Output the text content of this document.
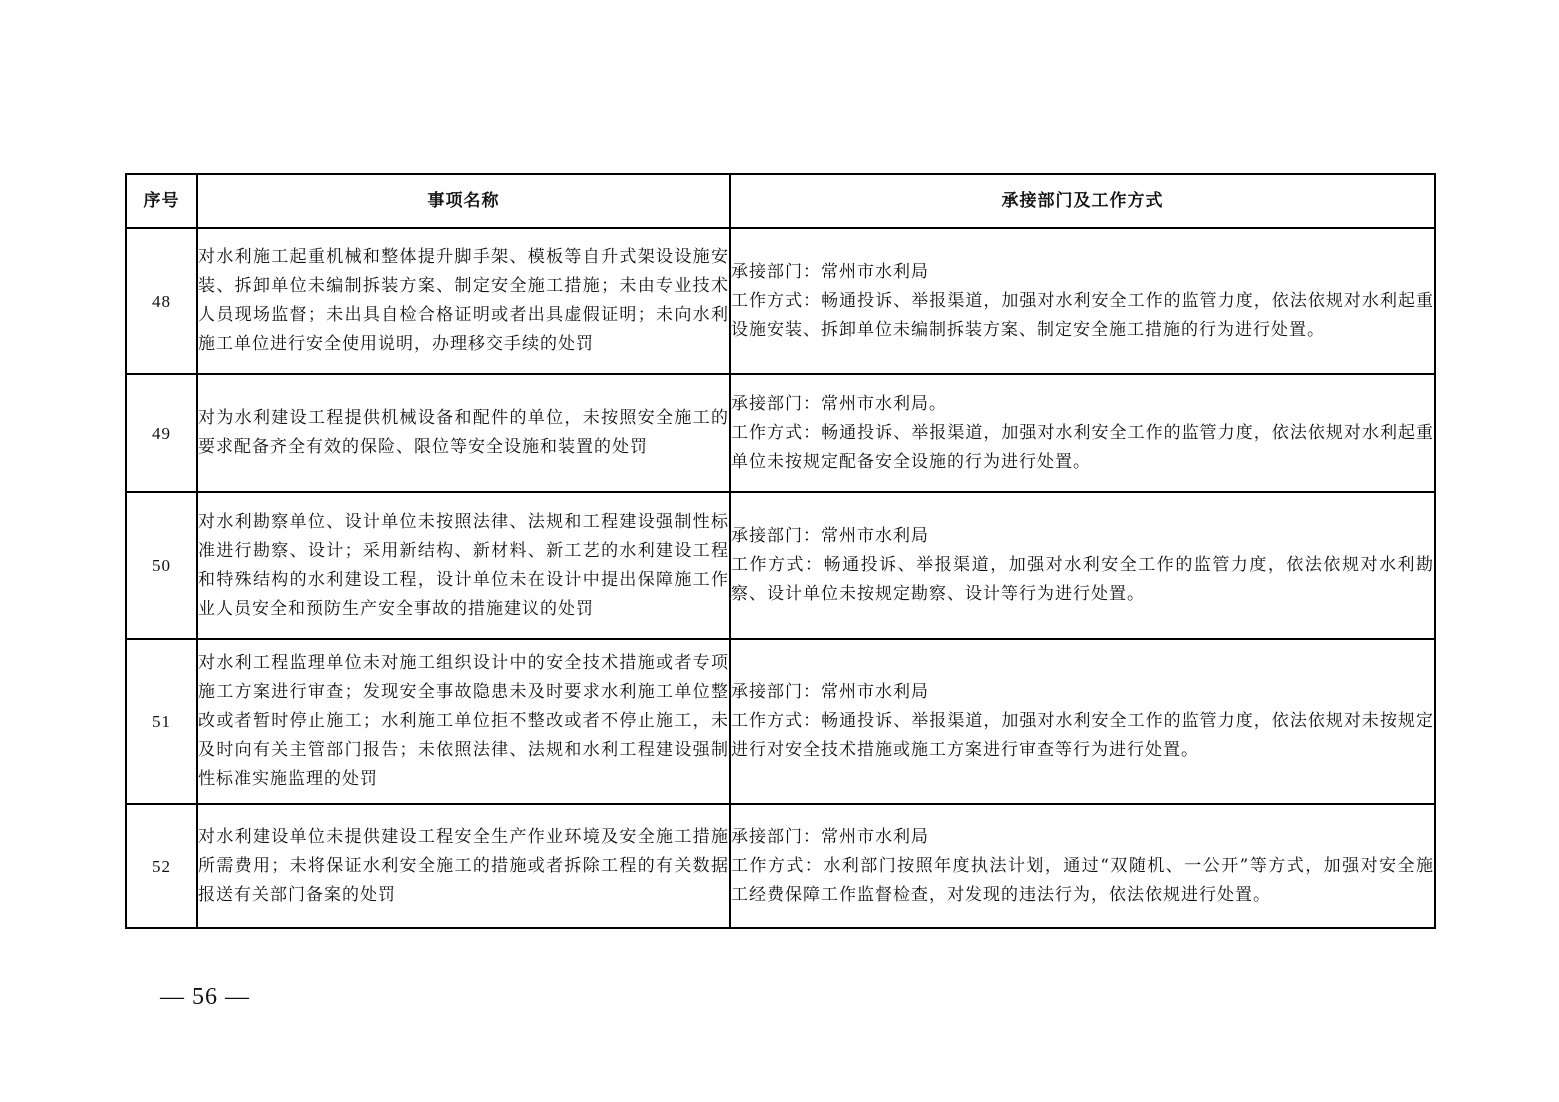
序号	事项名称	承接部门及工作方式
48	对水利施工起重机械和整体提升脚手架、模板等自升式架设设施安装、拆卸单位未编制拆装方案、制定安全施工措施；未由专业技术人员现场监督；未出具自检合格证明或者出具虚假证明；未向水利施工单位进行安全使用说明，办理移交手续的处罚	承接部门：常州市水利局
工作方式：畅通投诉、举报渠道，加强对水利安全工作的监管力度，依法依规对水利起重设施安装、拆卸单位未编制拆装方案、制定安全施工措施的行为进行处置。

49	对为水利建设工程提供机械设备和配件的单位，未按照安全施工的要求配备齐全有效的保险、限位等安全设施和装置的处罚	承接部门：常州市水利局。
工作方式：畅通投诉、举报渠道，加强对水利安全工作的监管力度，依法依规对水利起重单位未按规定配备安全设施的行为进行处置。

50	对水利勘察单位、设计单位未按照法律、法规和工程建设强制性标准进行勘察、设计；采用新结构、新材料、新工艺的水利建设工程和特殊结构的水利建设工程，设计单位未在设计中提出保障施工作业人员安全和预防生产安全事故的措施建议的处罚	承接部门：常州市水利局
工作方式：畅通投诉、举报渠道，加强对水利安全工作的监管力度，依法依规对水利勘察、设计单位未按规定勘察、设计等行为进行处置。

51	对水利工程监理单位未对施工组织设计中的安全技术措施或者专项施工方案进行审查；发现安全事故隐患未及时要求水利施工单位整改或者暂时停止施工；水利施工单位拒不整改或者不停止施工，未及时向有关主管部门报告；未依照法律、法规和水利工程建设强制性标准实施监理的处罚	承接部门：常州市水利局
工作方式：畅通投诉、举报渠道，加强对水利安全工作的监管力度，依法依规对未按规定进行对安全技术措施或施工方案进行审查等行为进行处置。

52	对水利建设单位未提供建设工程安全生产作业环境及安全施工措施所需费用；未将保证水利安全施工的措施或者拆除工程的有关数据报送有关部门备案的处罚	承接部门：常州市水利局
工作方式：水利部门按照年度执法计划，通过“双随机、一公开”等方式，加强对安全施工经费保障工作监督检查，对发现的违法行为，依法依规进行处置。
— 56 —
